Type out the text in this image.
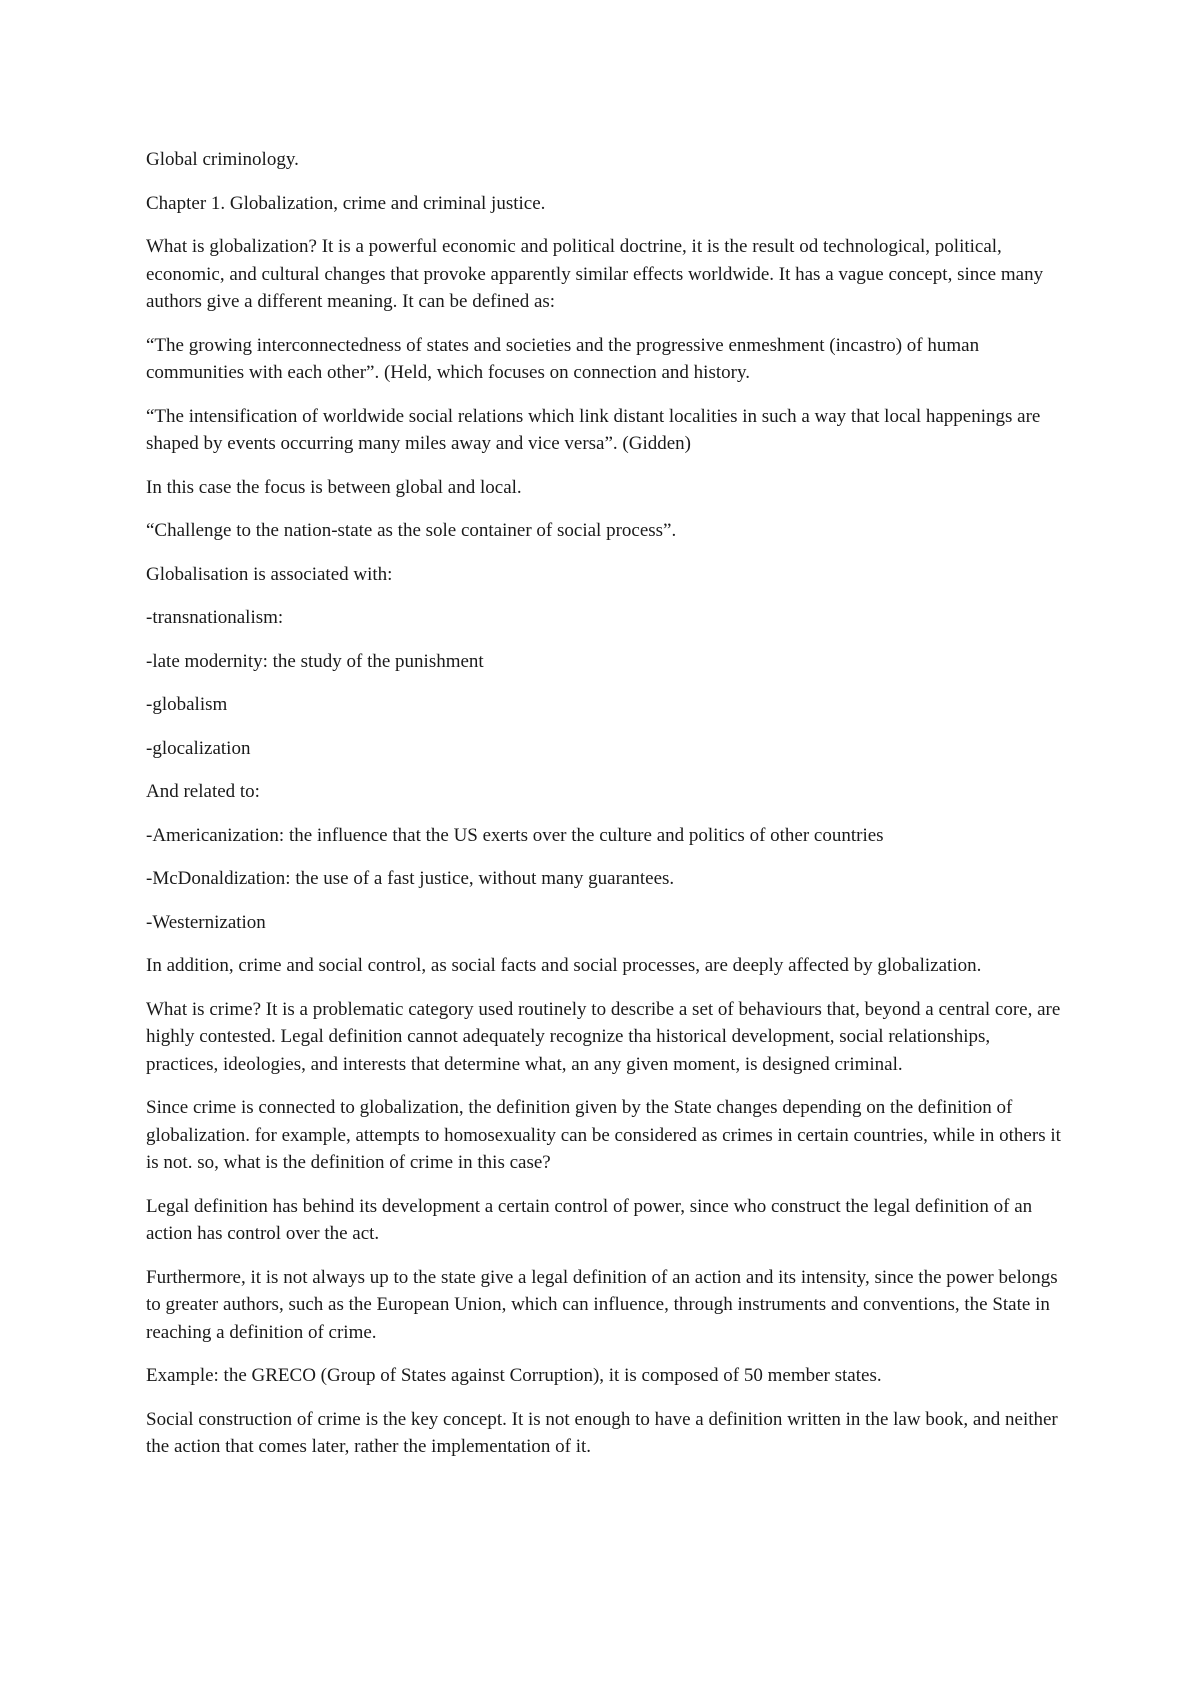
Global criminology.

Chapter 1. Globalization, crime and criminal justice.

What is globalization? It is a powerful economic and political doctrine, it is the result od technological, political, economic, and cultural changes that provoke apparently similar effects worldwide. It has a vague concept, since many authors give a different meaning. It can be defined as:

“The growing interconnectedness of states and societies and the progressive enmeshment (incastro) of human communities with each other”. (Held, which focuses on connection and history.

“The intensification of worldwide social relations which link distant localities in such a way that local happenings are shaped by events occurring many miles away and vice versa”. (Gidden)

In this case the focus is between global and local.

“Challenge to the nation-state as the sole container of social process”.

Globalisation is associated with:

-transnationalism:

-late modernity: the study of the punishment

-globalism

-glocalization

And related to:

-Americanization: the influence that the US exerts over the culture and politics of other countries

-McDonaldization: the use of a fast justice, without many guarantees.

-Westernization

In addition, crime and social control, as social facts and social processes, are deeply affected by globalization.

What is crime? It is a problematic category used routinely to describe a set of behaviours that, beyond a central core, are highly contested. Legal definition cannot adequately recognize tha historical development, social relationships, practices, ideologies, and interests that determine what, an any given moment, is designed criminal.

Since crime is connected to globalization, the definition given by the State changes depending on the definition of globalization. for example, attempts to homosexuality can be considered as crimes in certain countries, while in others it is not. so, what is the definition of crime in this case?

Legal definition has behind its development a certain control of power, since who construct the legal definition of an action has control over the act.

Furthermore, it is not always up to the state give a legal definition of an action and its intensity, since the power belongs to greater authors, such as the European Union, which can influence, through instruments and conventions, the State in reaching a definition of crime.

Example: the GRECO (Group of States against Corruption), it is composed of 50 member states.

Social construction of crime is the key concept. It is not enough to have a definition written in the law book, and neither the action that comes later, rather the implementation of it.
